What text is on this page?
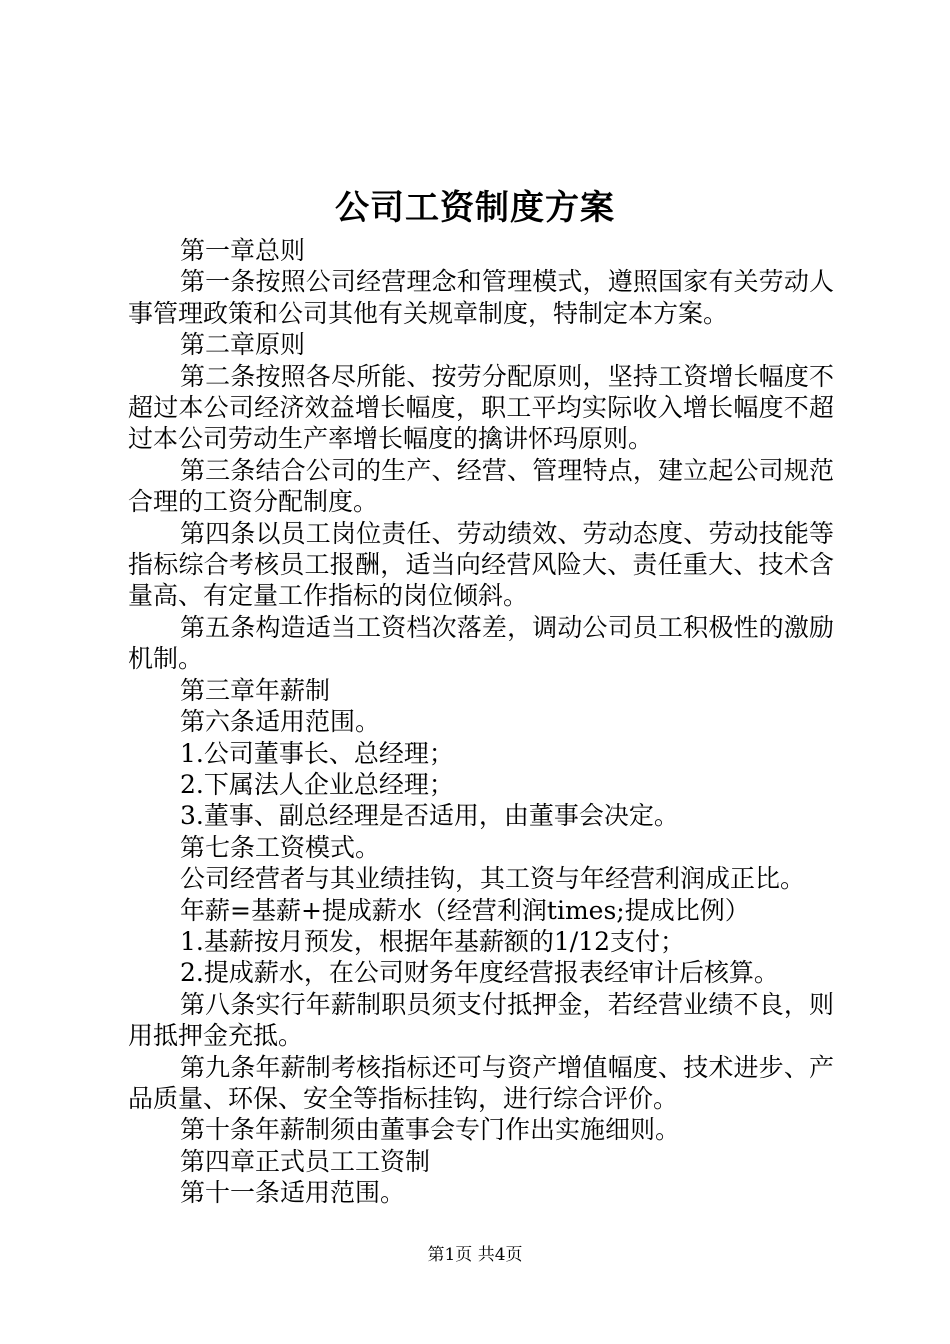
公司工资制度方案

第一章总则

第一条按照公司经营理念和管理模式，遵照国家有关劳动人事管理政策和公司其他有关规章制度，特制定本方案。

第二章原则

第二条按照各尽所能、按劳分配原则，坚持工资增长幅度不超过本公司经济效益增长幅度，职工平均实际收入增长幅度不超过本公司劳动生产率增长幅度的擒讲怀玛原则。

第三条结合公司的生产、经营、管理特点，建立起公司规范合理的工资分配制度。

第四条以员工岗位责任、劳动绩效、劳动态度、劳动技能等指标综合考核员工报酬，适当向经营风险大、责任重大、技术含量高、有定量工作指标的岗位倾斜。

第五条构造适当工资档次落差，调动公司员工积极性的激励机制。

第三章年薪制

第六条适用范围。

1.公司董事长、总经理；

2.下属法人企业总经理；

3.董事、副总经理是否适用，由董事会决定。

第七条工资模式。

公司经营者与其业绩挂钩，其工资与年经营利润成正比。

年薪=基薪+提成薪水（经营利润times;提成比例）

1.基薪按月预发，根据年基薪额的1/12支付；

2.提成薪水，在公司财务年度经营报表经审计后核算。

第八条实行年薪制职员须支付抵押金，若经营业绩不良，则用抵押金充抵。

第九条年薪制考核指标还可与资产增值幅度、技术进步、产品质量、环保、安全等指标挂钩，进行综合评价。

第十条年薪制须由董事会专门作出实施细则。

第四章正式员工工资制

第十一条适用范围。

第1页 共4页
